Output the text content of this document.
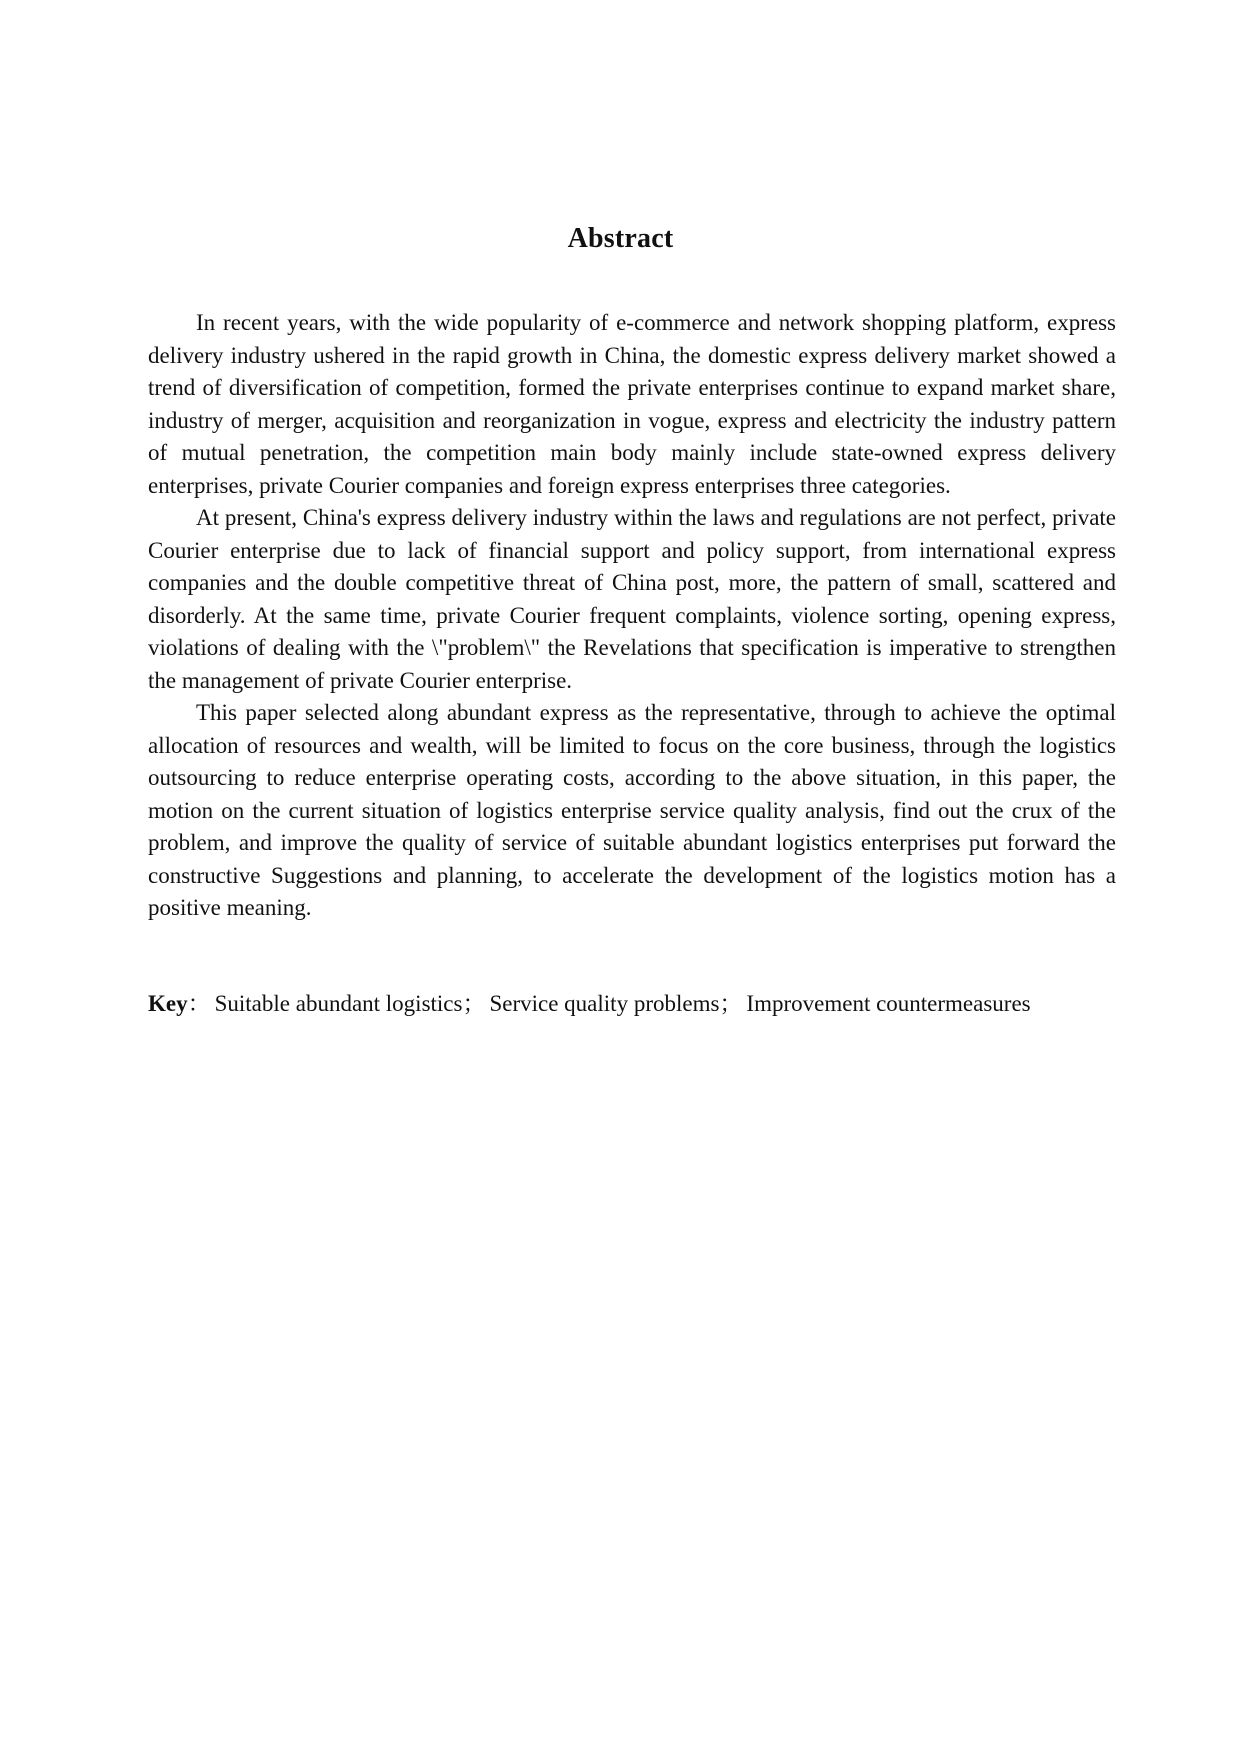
Abstract

In recent years, with the wide popularity of e-commerce and network shopping platform, express delivery industry ushered in the rapid growth in China, the domestic express delivery market showed a trend of diversification of competition, formed the private enterprises continue to expand market share, industry of merger, acquisition and reorganization in vogue, express and electricity the industry pattern of mutual penetration, the competition main body mainly include state-owned express delivery enterprises, private Courier companies and foreign express enterprises three categories.

At present, China's express delivery industry within the laws and regulations are not perfect, private Courier enterprise due to lack of financial support and policy support, from international express companies and the double competitive threat of China post, more, the pattern of small, scattered and disorderly. At the same time, private Courier frequent complaints, violence sorting, opening express, violations of dealing with the \"problem\" the Revelations that specification is imperative to strengthen the management of private Courier enterprise.

This paper selected along abundant express as the representative, through to achieve the optimal allocation of resources and wealth, will be limited to focus on the core business, through the logistics outsourcing to reduce enterprise operating costs, according to the above situation, in this paper, the motion on the current situation of logistics enterprise service quality analysis, find out the crux of the problem, and improve the quality of service of suitable abundant logistics enterprises put forward the constructive Suggestions and planning, to accelerate the development of the logistics motion has a positive meaning.

Key： Suitable abundant logistics； Service quality problems； Improvement countermeasures
